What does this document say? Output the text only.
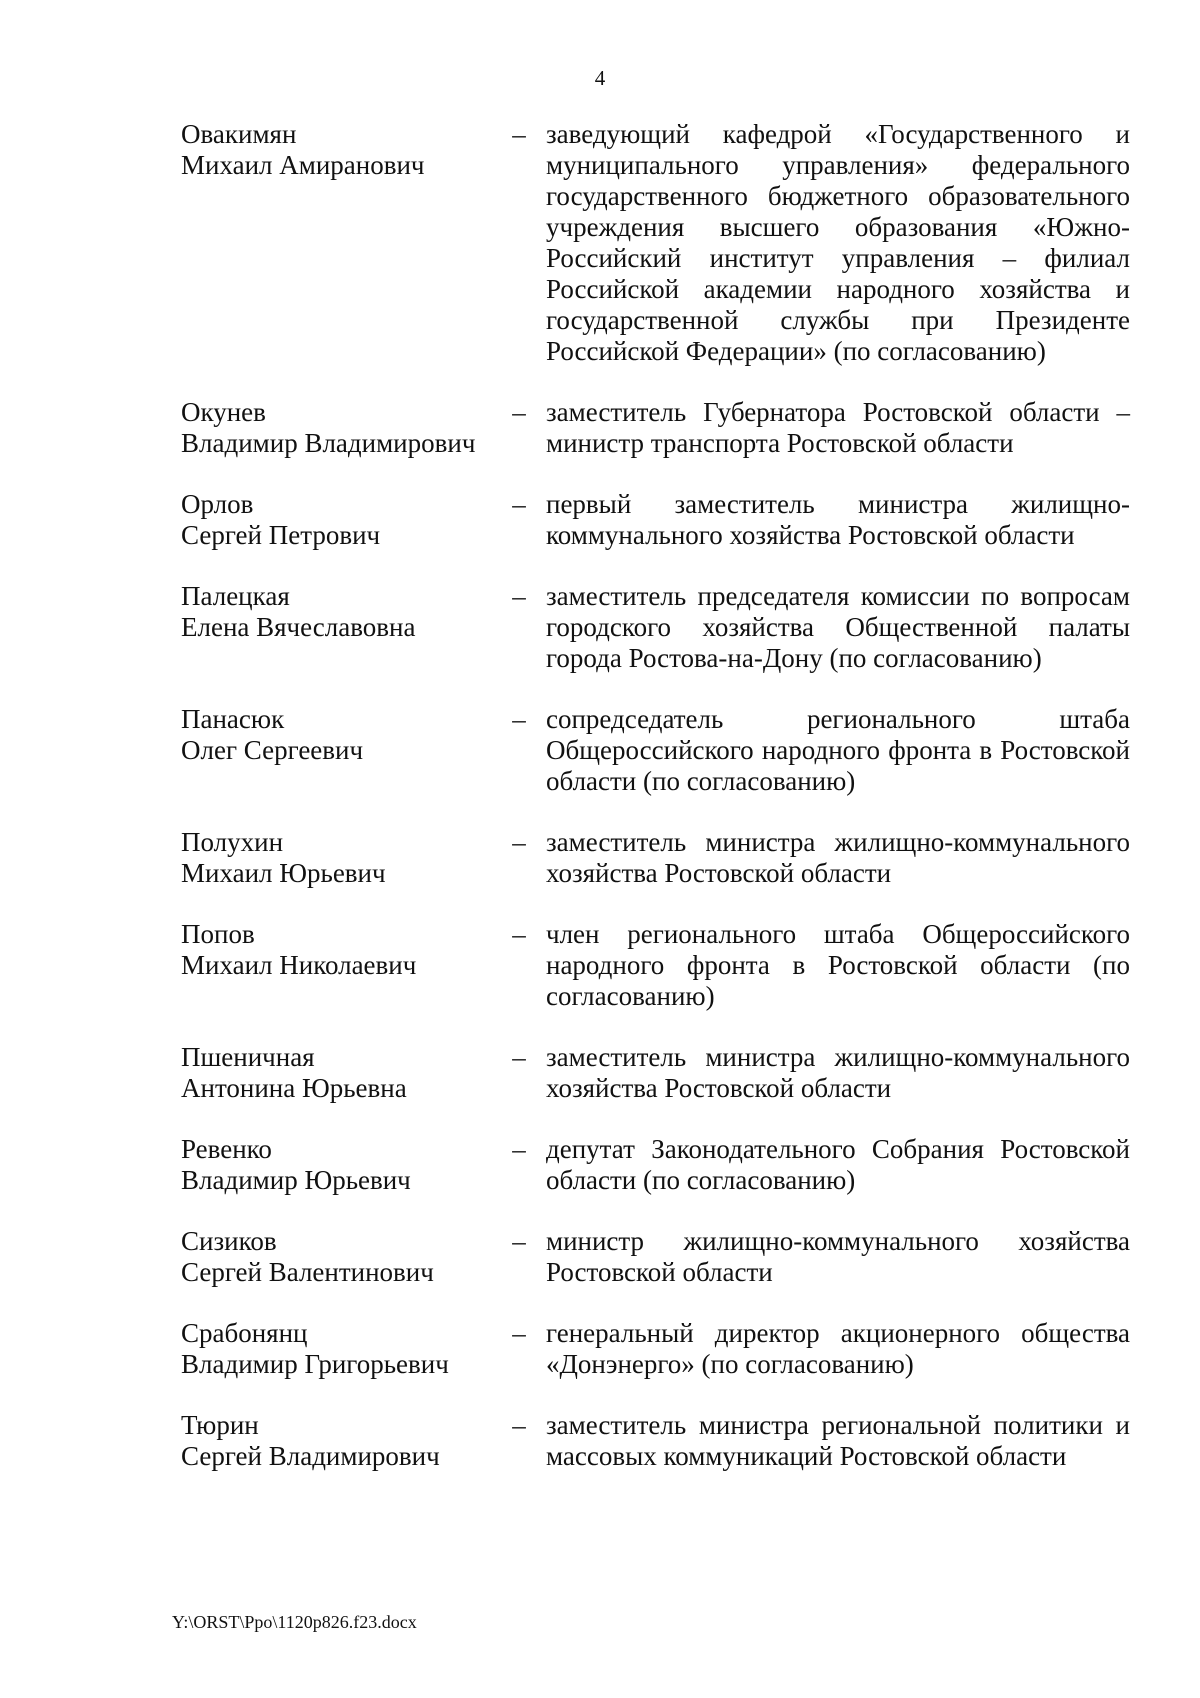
4
Овакимян
Михаил Амиранович
– заведующий кафедрой «Государственного и муниципального управления» федерального государственного бюджетного образовательного учреждения высшего образования «Южно-Российский институт управления – филиал Российской академии народного хозяйства и государственной службы при Президенте Российской Федерации» (по согласованию)
Окунев
Владимир Владимирович
– заместитель Губернатора Ростовской области – министр транспорта Ростовской области
Орлов
Сергей Петрович
– первый заместитель министра жилищно-коммунального хозяйства Ростовской области
Палецкая
Елена Вячеславовна
– заместитель председателя комиссии по вопросам городского хозяйства Общественной палаты города Ростова-на-Дону (по согласованию)
Панасюк
Олег Сергеевич
– сопредседатель регионального штаба Общероссийского народного фронта в Ростовской области (по согласованию)
Полухин
Михаил Юрьевич
– заместитель министра жилищно-коммунального хозяйства Ростовской области
Попов
Михаил Николаевич
– член регионального штаба Общероссийского народного фронта в Ростовской области (по согласованию)
Пшеничная
Антонина Юрьевна
– заместитель министра жилищно-коммунального хозяйства Ростовской области
Ревенко
Владимир Юрьевич
– депутат Законодательного Собрания Ростовской области (по согласованию)
Сизиков
Сергей Валентинович
– министр жилищно-коммунального хозяйства Ростовской области
Срабонянц
Владимир Григорьевич
– генеральный директор акционерного общества «Донэнерго» (по согласованию)
Тюрин
Сергей Владимирович
– заместитель министра региональной политики и массовых коммуникаций Ростовской области
Y:\ORST\Ppo\1120p826.f23.docx
